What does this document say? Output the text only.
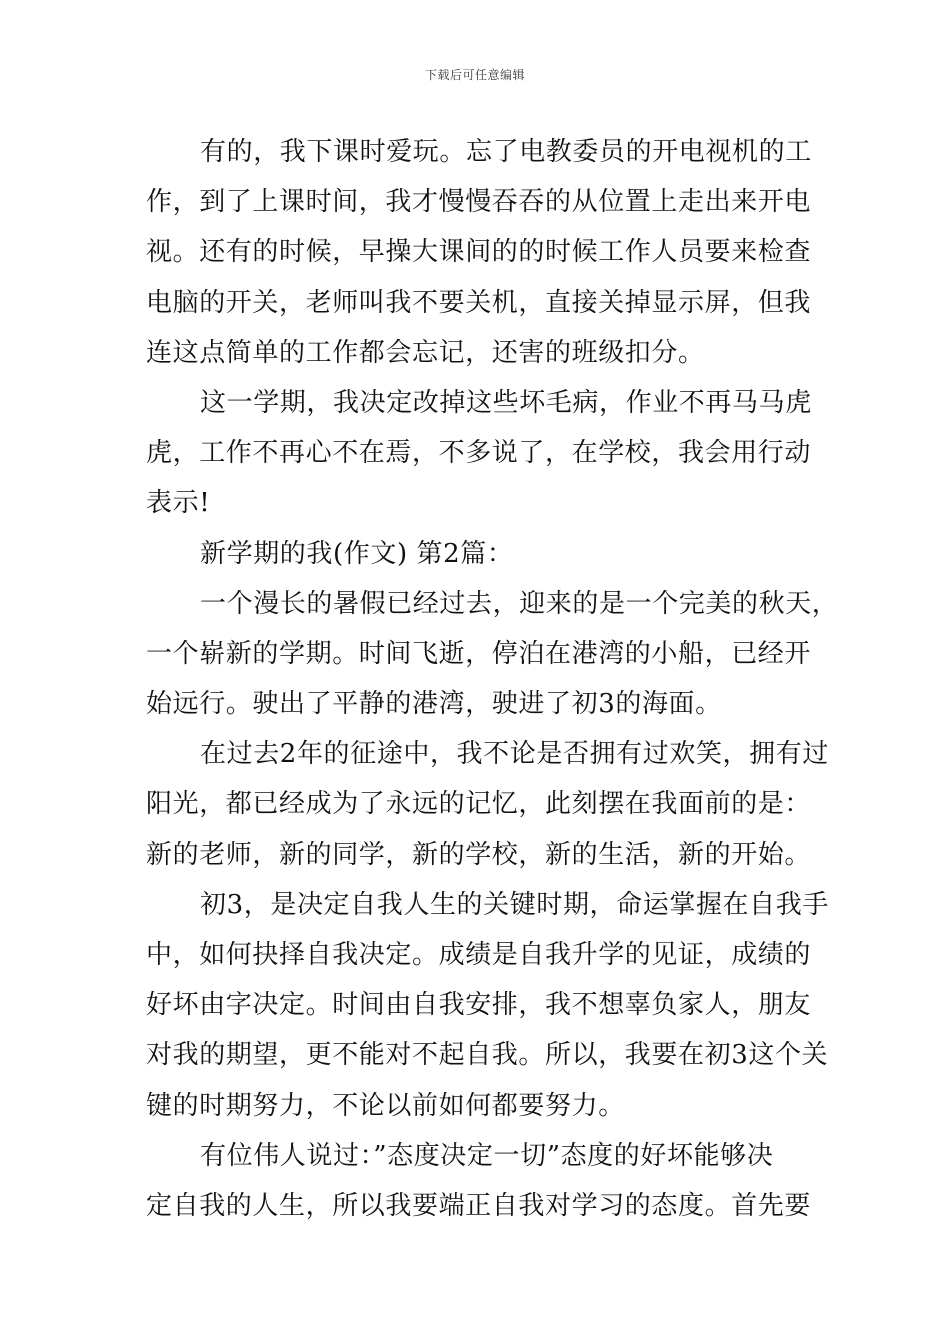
下载后可任意编辑
有的，我下课时爱玩。忘了电教委员的开电视机的工
作，到了上课时间，我才慢慢吞吞的从位置上走出来开电
视。还有的时候，早操大课间的的时候工作人员要来检查
电脑的开关，老师叫我不要关机，直接关掉显示屏，但我
连这点简单的工作都会忘记，还害的班级扣分。
这一学期，我决定改掉这些坏毛病，作业不再马马虎
虎，工作不再心不在焉，不多说了，在学校，我会用行动
表示!
新学期的我(作文) 第2篇：
一个漫长的暑假已经过去，迎来的是一个完美的秋天，
一个崭新的学期。时间飞逝，停泊在港湾的小船，已经开
始远行。驶出了平静的港湾，驶进了初3的海面。
在过去2年的征途中，我不论是否拥有过欢笑，拥有过
阳光，都已经成为了永远的记忆，此刻摆在我面前的是：
新的老师，新的同学，新的学校，新的生活，新的开始。
初3，是决定自我人生的关键时期，命运掌握在自我手
中，如何抉择自我决定。成绩是自我升学的见证，成绩的
好坏由字决定。时间由自我安排，我不想辜负家人，朋友
对我的期望，更不能对不起自我。所以，我要在初3这个关
键的时期努力，不论以前如何都要努力。
有位伟人说过：”态度决定一切”态度的好坏能够决
定自我的人生，所以我要端正自我对学习的态度。首先要
